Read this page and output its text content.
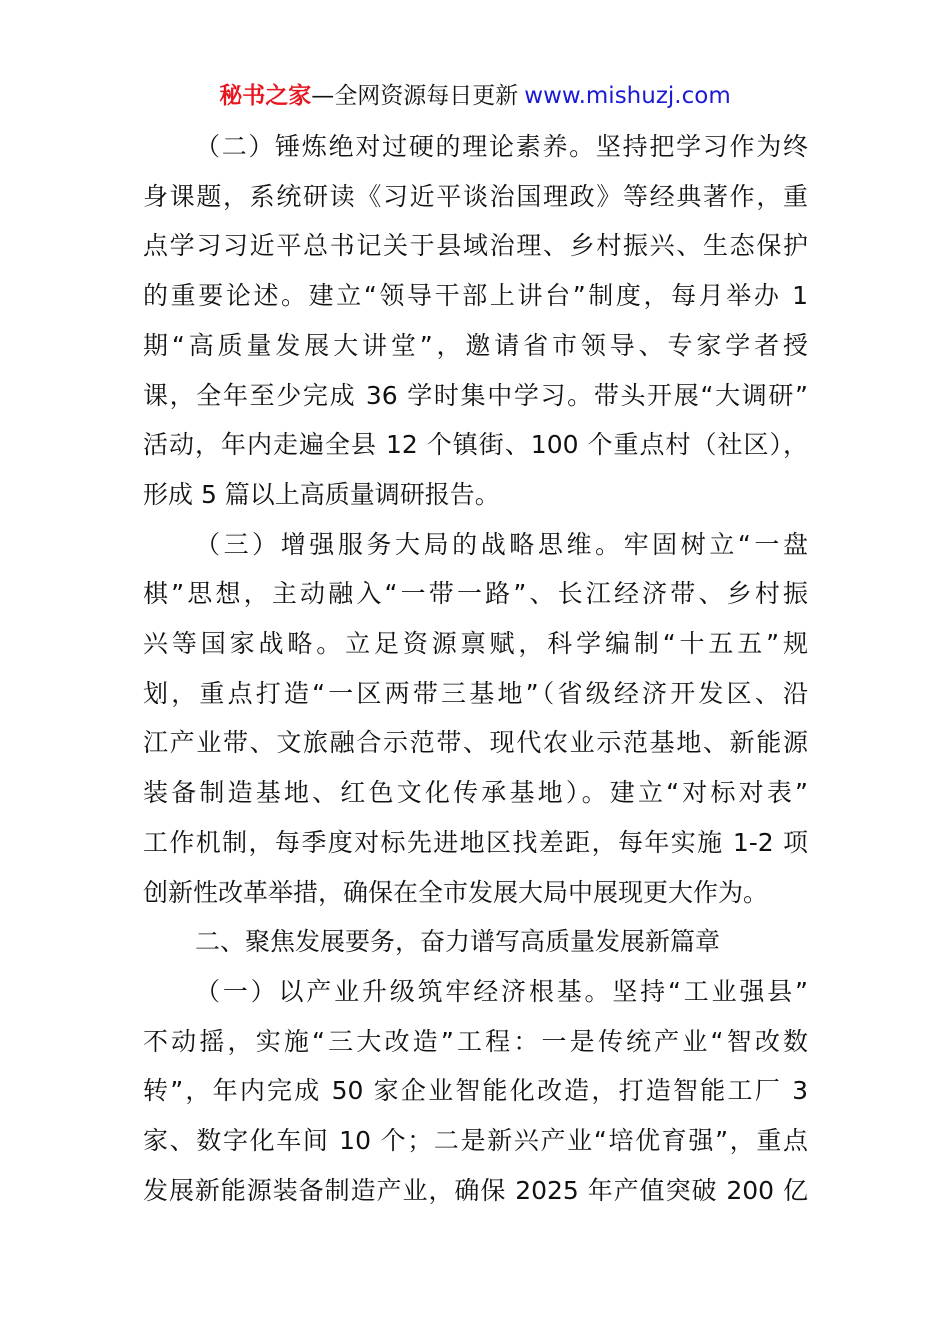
秘书之家—全网资源每日更新 www.mishuzj.com

（二）锤炼绝对过硬的理论素养。坚持把学习作为终
身课题，系统研读《习近平谈治国理政》等经典著作，重
点学习习近平总书记关于县域治理、乡村振兴、生态保护
的重要论述。建立“领导干部上讲台”制度，每月举办 1
期“高质量发展大讲堂”，邀请省市领导、专家学者授
课，全年至少完成 36 学时集中学习。带头开展“大调研”
活动，年内走遍全县 12 个镇街、100 个重点村（社区），
形成 5 篇以上高质量调研报告。

（三）增强服务大局的战略思维。牢固树立“一盘
棋”思想，主动融入“一带一路”、长江经济带、乡村振
兴等国家战略。立足资源禀赋，科学编制“十五五”规
划，重点打造“一区两带三基地”（省级经济开发区、沿
江产业带、文旅融合示范带、现代农业示范基地、新能源
装备制造基地、红色文化传承基地）。建立“对标对表”
工作机制，每季度对标先进地区找差距，每年实施 1-2 项
创新性改革举措，确保在全市发展大局中展现更大作为。

二、聚焦发展要务，奋力谱写高质量发展新篇章

（一）以产业升级筑牢经济根基。坚持“工业强县”
不动摇，实施“三大改造”工程：一是传统产业“智改数
转”，年内完成 50 家企业智能化改造，打造智能工厂 3
家、数字化车间 10 个；二是新兴产业“培优育强”，重点
发展新能源装备制造产业，确保 2025 年产值突破 200 亿
